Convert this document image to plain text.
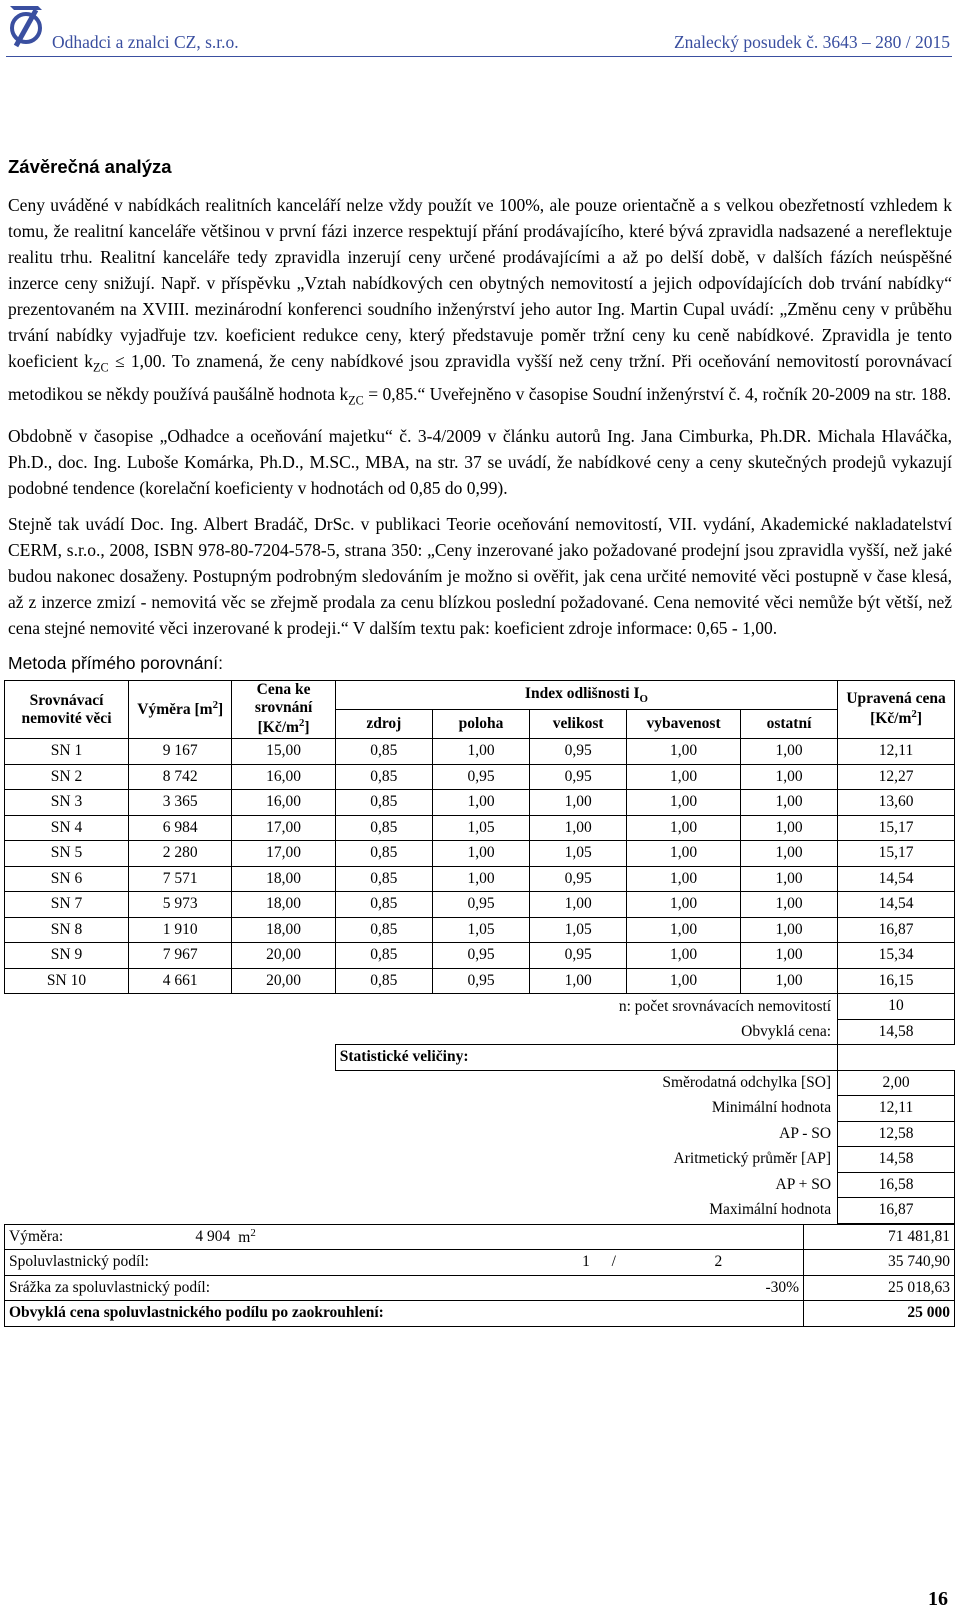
Odhadci a znalci CZ, s.r.o.	Znalecký posudek č. 3643 – 280 / 2015
Závěrečná analýza

Ceny uváděné v nabídkách realitních kanceláří nelze vždy použít ve 100%, ale pouze orientačně a s velkou obezřetností vzhledem k tomu, že realitní kanceláře většinou v první fázi inzerce respektují přání prodávajícího, které bývá zpravidla nadsazené a nereflektuje realitu trhu. Realitní kanceláře tedy zpravidla inzerují ceny určené prodávajícími a až po delší době, v dalších fázích neúspěšné inzerce ceny snižují. Např. v příspěvku „Vztah nabídkových cen obytných nemovitostí a jejich odpovídajících dob trvání nabídky“ prezentovaném na XVIII. mezinárodní konferenci soudního inženýrství jeho autor Ing. Martin Cupal uvádí: „Změnu ceny v průběhu trvání nabídky vyjadřuje tzv. koeficient redukce ceny, který představuje poměr tržní ceny ku ceně nabídkové. Zpravidla je tento koeficient $k_{ZC} \le 1,00$. To znamená, že ceny nabídkové jsou zpravidla vyšší než ceny tržní. Při oceňování nemovitostí porovnávací metodikou se někdy používá paušálně hodnota $k_{ZC}$ = 0,85.“ Uveřejněno v časopise Soudní inženýrství č. 4, ročník 20-2009 na str. 188.

Obdobně v časopise „Odhadce a oceňování majetku“ č. 3-4/2009 v článku autorů Ing. Jana Cimburka, Ph.DR. Michala Hlaváčka, Ph.D., doc. Ing. Luboše Komárka, Ph.D., M.SC., MBA, na str. 37 se uvádí, že nabídkové ceny a ceny skutečných prodejů vykazují podobné tendence (korelační koeficienty v hodnotách od 0,85 do 0,99).

Stejně tak uvádí Doc. Ing. Albert Bradáč, DrSc. v publikaci Teorie oceňování nemovitostí, VII. vydání, Akademické nakladatelství CERM, s.r.o., 2008, ISBN 978-80-7204-578-5, strana 350: „Ceny inzerované jako požadované prodejní jsou zpravidla vyšší, než jaké budou nakonec dosaženy. Postupným podrobným sledováním je možno si ověřit, jak cena určité nemovité věci postupně v čase klesá, až z inzerce zmizí - nemovitá věc se zřejmě prodala za cenu blízkou poslední požadované. Cena nemovité věci nemůže být větší, než cena stejné nemovité věci inzerované k prodeji.“ V dalším textu pak: koeficient zdroje informace: 0,65 - 1,00.

Metoda přímého porovnání:
Srovnávací nemovité věci	Výměra $[m^2]$	Cena ke srovnání $[Kč/m^2]$	Index odlišnosti $I_O$					Upravená cena $[Kč/m^2]$
			zdroj	poloha	velikost	vybavenost	ostatní	
SN 1	9 167	15,00	0,85	1,00	0,95	1,00	1,00	12,11
SN 2	8 742	16,00	0,85	0,95	0,95	1,00	1,00	12,27
SN 3	3 365	16,00	0,85	1,00	1,00	1,00	1,00	13,60
SN 4	6 984	17,00	0,85	1,05	1,00	1,00	1,00	15,17
SN 5	2 280	17,00	0,85	1,00	1,05	1,00	1,00	15,17
SN 6	7 571	18,00	0,85	1,00	0,95	1,00	1,00	14,54
SN 7	5 973	18,00	0,85	0,95	1,00	1,00	1,00	14,54
SN 8	1 910	18,00	0,85	1,05	1,05	1,00	1,00	16,87
SN 9	7 967	20,00	0,85	0,95	0,95	1,00	1,00	15,34
SN 10	4 661	20,00	0,85	0,95	1,00	1,00	1,00	16,15
			n: počet srovnávacích nemovitostí					10
			Obvyklá cena:					14,58
			Statistické veličiny:					
			Směrodatná odchylka [SO]					2,00
			Minimální hodnota					12,11
			AP - SO					12,58
			Aritmetický průměr [AP]					14,58
			AP + SO					16,58
			Maximální hodnota					16,87
Výměra:	4 904	$m^2$					71 481,81
Spoluvlastnický podíl:			1	/	2		35 740,90
Srážka za spoluvlastnický podíl:						-30%	25 018,63
Obvyklá cena spoluvlastnického podílu po zaokrouhlení:							25 000
16
